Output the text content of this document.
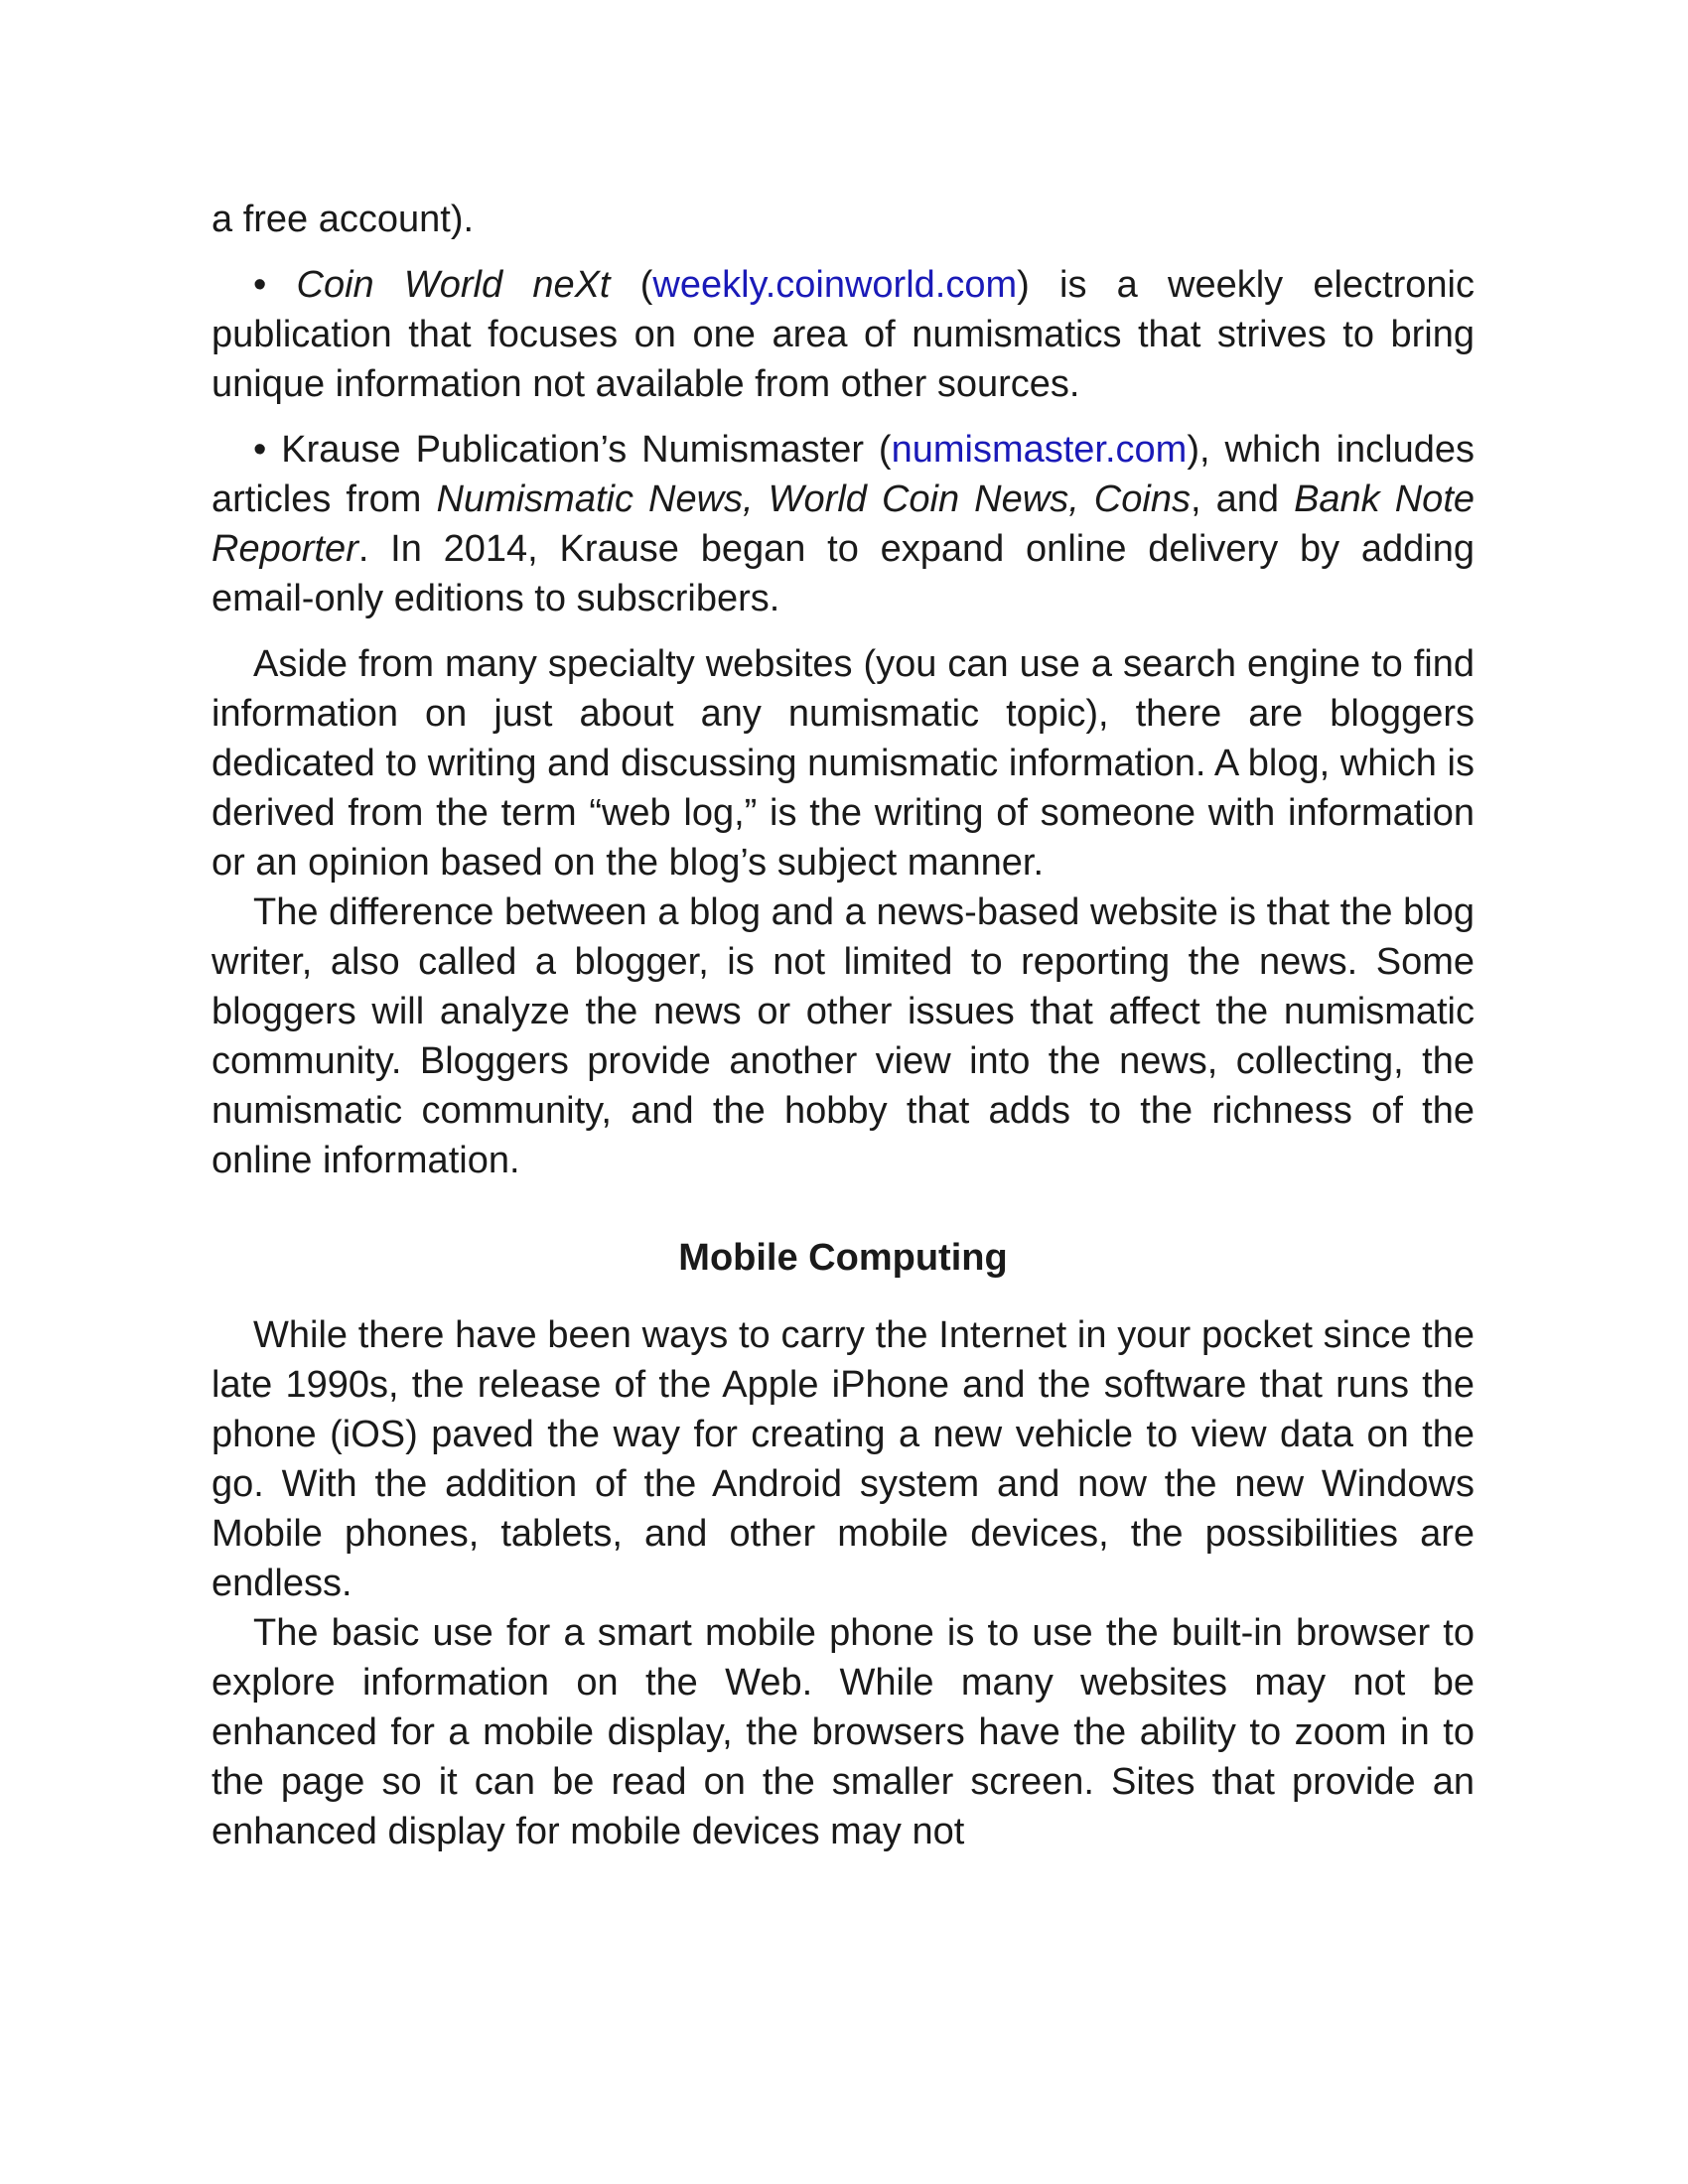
a free account).

• Coin World neXt (weekly.coinworld.com) is a weekly electronic publication that focuses on one area of numismatics that strives to bring unique information not available from other sources.

• Krause Publication’s Numismaster (numismaster.com), which includes articles from Numismatic News, World Coin News, Coins, and Bank Note Reporter. In 2014, Krause began to expand online delivery by adding email-only editions to subscribers.

Aside from many specialty websites (you can use a search engine to find information on just about any numismatic topic), there are bloggers dedicated to writing and discussing numismatic information. A blog, which is derived from the term “web log,” is the writing of someone with information or an opinion based on the blog’s subject manner.

The difference between a blog and a news-based website is that the blog writer, also called a blogger, is not limited to reporting the news. Some bloggers will analyze the news or other issues that affect the numismatic community. Bloggers provide another view into the news, collecting, the numismatic community, and the hobby that adds to the richness of the online information.

Mobile Computing

While there have been ways to carry the Internet in your pocket since the late 1990s, the release of the Apple iPhone and the software that runs the phone (iOS) paved the way for creating a new vehicle to view data on the go. With the addition of the Android system and now the new Windows Mobile phones, tablets, and other mobile devices, the possibilities are endless.

The basic use for a smart mobile phone is to use the built-in browser to explore information on the Web. While many websites may not be enhanced for a mobile display, the browsers have the ability to zoom in to the page so it can be read on the smaller screen. Sites that provide an enhanced display for mobile devices may not
